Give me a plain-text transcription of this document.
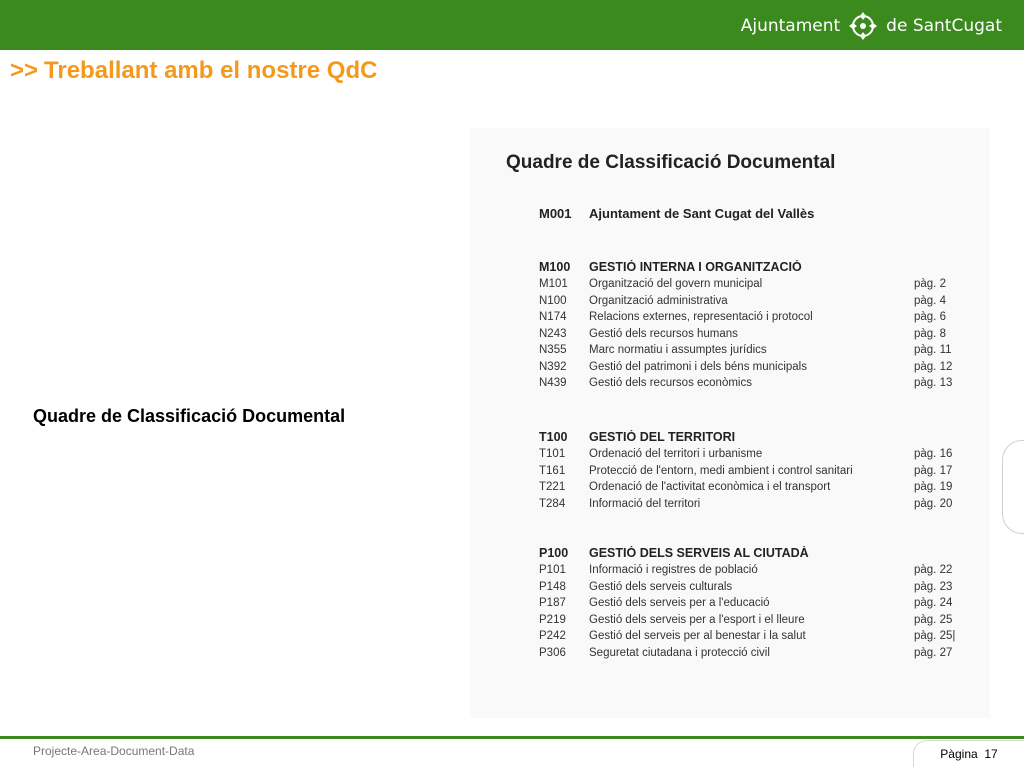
Ajuntament	de SantCugat
>> Treballant amb el nostre QdC
Quadre de Classificació Documental
Quadre de Classificació Documental
M001 Ajuntament de Sant Cugat del Vallès
M100	GESTIÓ INTERNA I ORGANITZACIÓ
M101	Organització del govern municipal	pàg. 2
N100	Organització administrativa	pàg. 4
N174	Relacions externes, representació i protocol	pàg. 6
N243	Gestió dels recursos humans	pàg. 8
N355	Marc normatiu i assumptes jurídics	pàg. 11
N392	Gestió del patrimoni i dels béns municipals	pàg. 12
N439	Gestió dels recursos econòmics	pàg. 13
T100	GESTIÓ DEL TERRITORI
T101	Ordenació del territori i urbanisme	pàg. 16
T161	Protecció de l'entorn, medi ambient i control sanitari	pàg. 17
T221	Ordenació de l'activitat econòmica i el transport	pàg. 19
T284	Informació del territori	pàg. 20
P100	GESTIÓ DELS SERVEIS AL CIUTADÀ
P101	Informació i registres de població	pàg. 22
P148	Gestió dels serveis culturals	pàg. 23
P187	Gestió dels serveis per a l'educació	pàg. 24
P219	Gestió dels serveis per a l'esport i el lleure	pàg. 25
P242	Gestió del serveis per al benestar i la salut	pàg. 25|
P306	Seguretat ciutadana i protecció civil	pàg. 27
Projecte-Area-Document-Data	Pàgina
17
